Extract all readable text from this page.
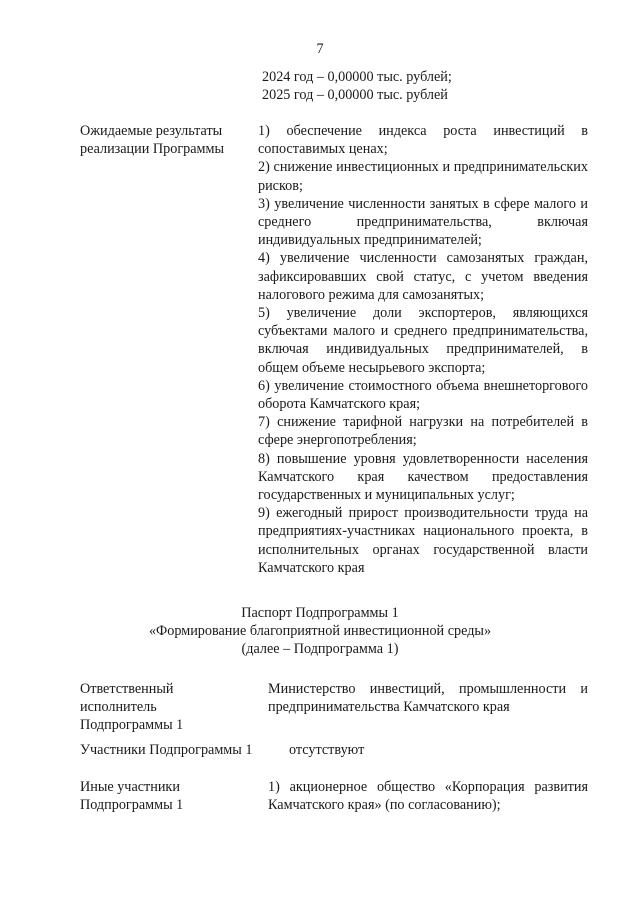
7
2024 год – 0,00000 тыс. рублей;
2025 год – 0,00000 тыс. рублей
Ожидаемые результаты
реализации Программы
1) обеспечение индекса роста инвестиций в сопоставимых ценах;
2) снижение инвестиционных и предпринимательских рисков;
3) увеличение численности занятых в сфере малого и среднего предпринимательства, включая индивидуальных предпринимателей;
4) увеличение численности самозанятых граждан, зафиксировавших свой статус, с учетом введения налогового режима для самозанятых;
5) увеличение доли экспортеров, являющихся субъектами малого и среднего предпринимательства, включая индивидуальных предпринимателей, в общем объеме несырьевого экспорта;
6) увеличение стоимостного объема внешнеторгового оборота Камчатского края;
7) снижение тарифной нагрузки на потребителей в сфере энергопотребления;
8) повышение уровня удовлетворенности населения Камчатского края качеством предоставления государственных и муниципальных услуг;
9) ежегодный прирост производительности труда на предприятиях-участниках национального проекта, в исполнительных органах государственной власти Камчатского края
Паспорт Подпрограммы 1
«Формирование благоприятной инвестиционной среды»
(далее – Подпрограмма 1)
Ответственный
исполнитель
Подпрограммы 1
Министерство инвестиций, промышленности и предпринимательства Камчатского края
Участники Подпрограммы 1	отсутствуют
Иные участники
Подпрограммы 1
1) акционерное общество «Корпорация развития Камчатского края» (по согласованию);
